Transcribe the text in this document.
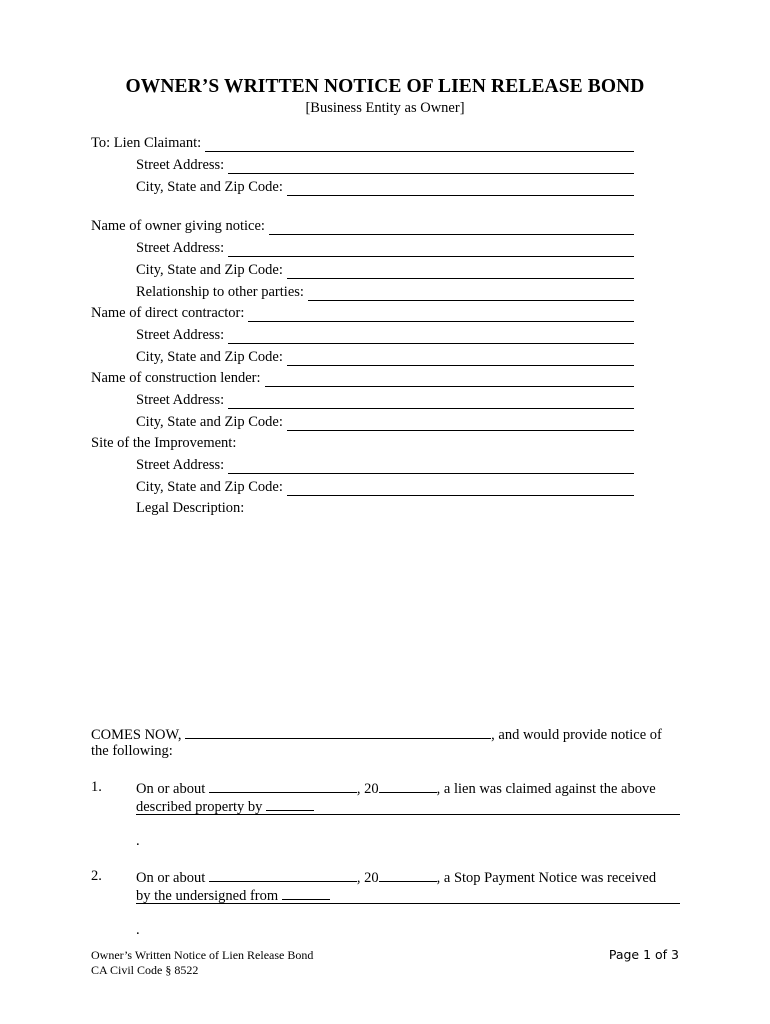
OWNER’S WRITTEN NOTICE OF LIEN RELEASE BOND
[Business Entity as Owner]
To: Lien Claimant:
Street Address:
City, State and Zip Code:
Name of owner giving notice:
Street Address:
City, State and Zip Code:
Relationship to other parties:
Name of direct contractor:
Street Address:
City, State and Zip Code:
Name of construction lender:
Street Address:
City, State and Zip Code:
Site of the Improvement:
Street Address:
City, State and Zip Code:
Legal Description:
COMES NOW,	, and would provide notice of
the following:
1. On or about	, 20	, a lien was claimed against the above
described property by
.
2. On or about	, 20	, a Stop Payment Notice was received
by the undersigned from
.
Owner’s Written Notice of Lien Release Bond
CA Civil Code § 8522
Page 1 of 3
